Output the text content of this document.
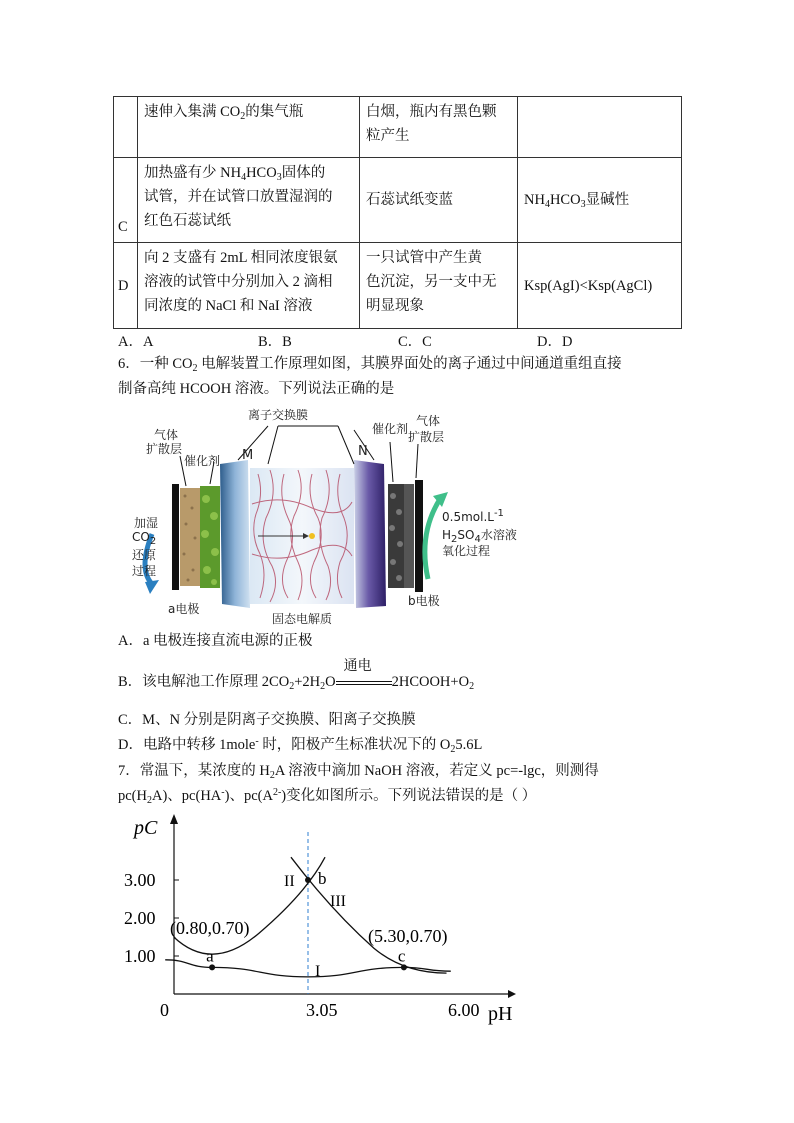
	速伸入集满 $CO_2$的集气瓶	白烟，瓶内有黑色颗
粒产生	
C	加热盛有少 $NH_4HCO_3$固体的
试管，并在试管口放置湿润的
红色石蕊试纸	石蕊试纸变蓝	$NH_4HCO_3$显碱性
D	向 2 支盛有 2mL 相同浓度银氨
溶液的试管中分别加入 2 滴相
同浓度的 NaCl 和 NaI 溶液	一只试管中产生黄
色沉淀，另一支中无
明显现象	Ksp(AgI)<Ksp(AgCl)
A．A	B．B	C．C	D．D
6．一种 $CO_2$ 电解装置工作原理如图，其膜界面处的离子通过中间通道重组直接
制备高纯 HCOOH 溶液。下列说法正确的是
离子交换膜
气体
扩散层
催化剂 M	N
催化剂
气体
扩散层
加湿
$CO_2$
还原
过程
a电极
固态电解质
b电极
$0.5mol.L^{-1}$
$H_2SO_4$水溶液
氧化过程
A．a 电极连接直流电源的正极
B．该电解池工作原理 $2CO_2+2H_2O$
通电
$2HCOOH+O_2$
C．M、N 分别是阴离子交换膜、阳离子交换膜
D．电路中转移 1mole- 时，阳极产生标准状况下的 $O_25.6L$
7．常温下，某浓度的 $H_2A$ 溶液中滴加 NaOH 溶液，若定义 pc=-lgc，则测得
$pc(H_2A)$、pc(HA-)、$pc(A^{2-})$变化如图所示。下列说法错误的是（ ）
pC
pH
1.00
2.00
3.00
0	3.05	6.00
a
(0.80,0.70)
b
c
(5.30,0.70)
I
II
III
